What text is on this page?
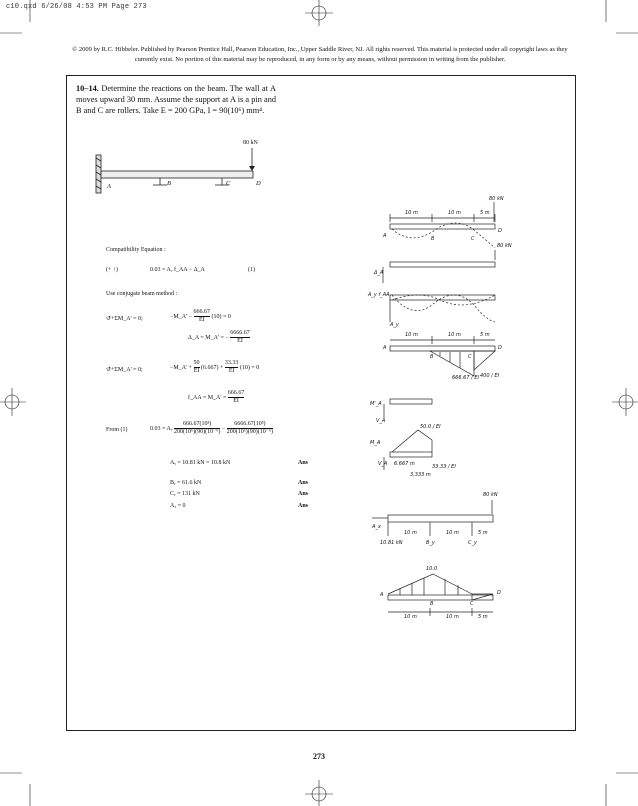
c10.qxd 6/26/08 4:53 PM Page 273
© 2009 by R.C. Hibbeler. Published by Pearson Prentice Hall, Pearson Education, Inc., Upper Saddle River, NJ. All rights reserved. This material is protected under all copyright laws as they currently exist. No portion of this material may be reproduced, in any form or by any means, without permission in writing from the publisher.
10–14. Determine the reactions on the beam. The wall at A moves upward 30 mm. Assume the support at A is a pin and B and C are rollers. Take E = 200 GPa, I = 90(10⁶) mm⁴.
80 kN
A	B	C	D
Compatibility Equation :
(+ ↑)	0.03 = Aᵧ f_AA − Δ_A	(1)
Use conjugate beam method :
↺+ΣM_A' = 0;	−M_A' − $\frac{666.67}{EI} (10) = 0$
Δ_A = M_A' = − $\frac{6666.67}{EI}$
↺+ΣM_A' = 0;	−M_A' + $\frac{50}{EI} (6.667) + \frac{33.33}{EI} (10) = 0$
f_AA = M_A' = $\frac{666.67}{EI}$
From (1)	0.03 = Aᵧ $\frac{\text{666.67(10³)}}{\text{200(10⁶)(90)(10⁻⁶)}} - \frac{\text{6666.67(10³)}}{\text{200(10⁶)(90)(10⁻⁶)}}$
Aᵧ = 10.81 kN = 10.8 kN	Ans
Bᵧ = 61.6 kN	Ans
Cᵧ = 131 kN	Ans
Aₓ = 0	Ans
80 kN
10 m	10 m	5 m
A	B	C
D
80 kN
Δ_A
A_y f_AA
A_y
10 m	10 m	5 m
A
B	C
D
666.67 / EI 400 / EI
M'_A
V_A
M_A
V_A
50.0 / EI
6.667 m
3.333 m
33.33 / EI
80 kN
A_x
10.81 kN	B_y	C_y
10 m	10 m	5 m
10.0
A
B	C
D
10 m	10 m	5 m
273
